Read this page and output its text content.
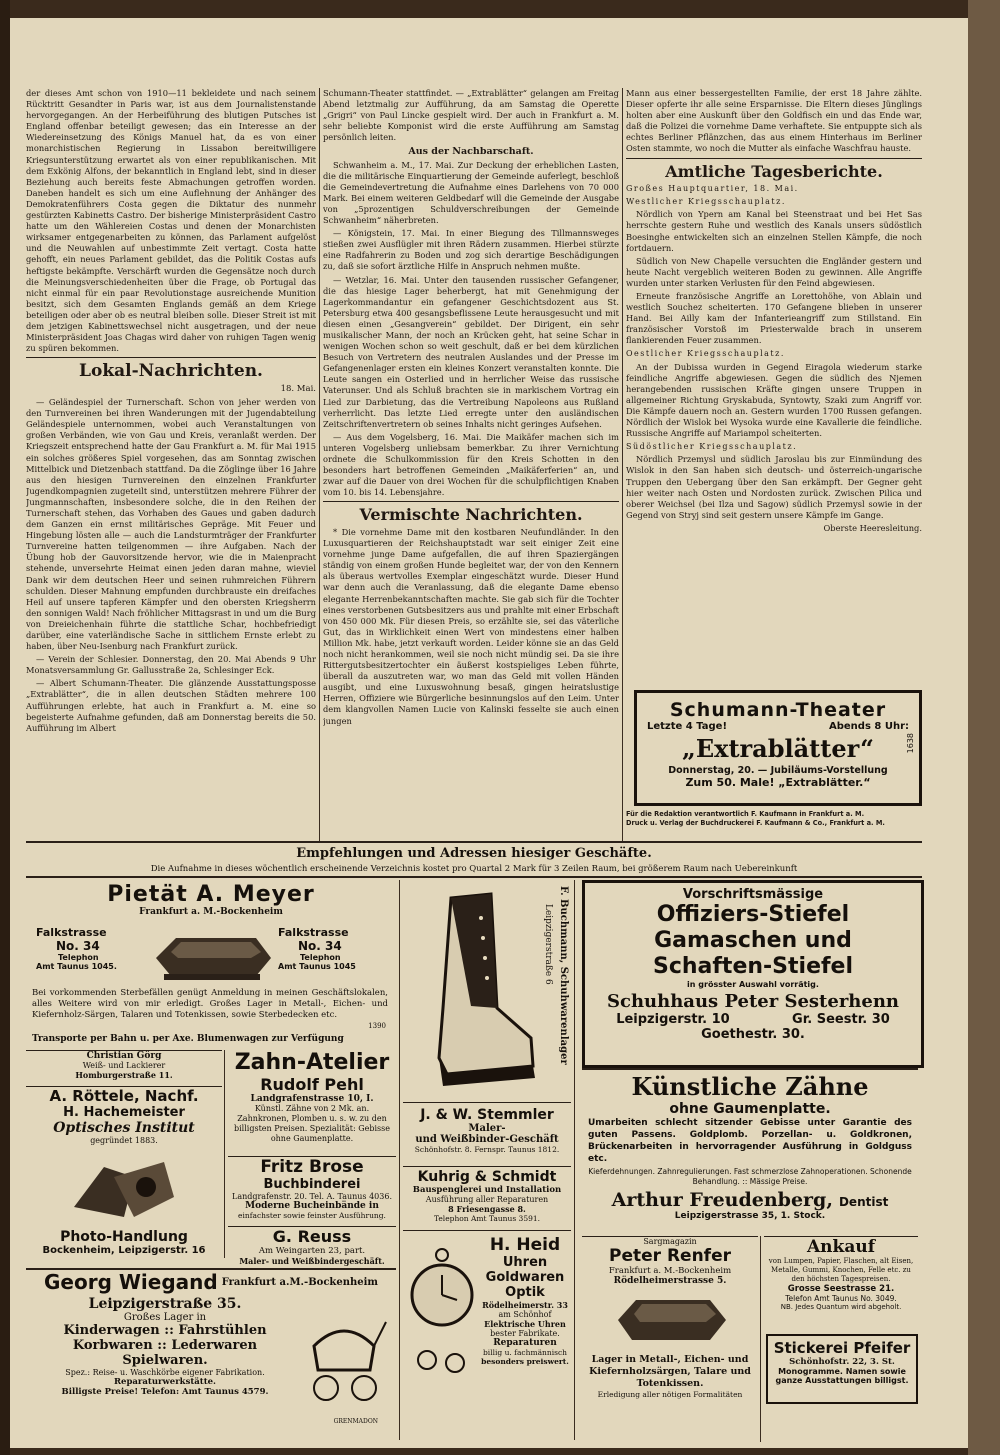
der dieses Amt schon von 1910—11 bekleidete und nach seinem Rücktritt Gesandter in Paris war, ist aus dem Journalistenstande hervorgegangen. An der Herbeiführung des blutigen Putsches ist England offenbar beteiligt gewesen; das ein Interesse an der Wiedereinsetzung des Königs Manuel hat, da es von einer monarchistischen Regierung in Lissabon bereitwilligere Kriegsunterstützung erwartet als von einer republikanischen. Mit dem Exkönig Alfons, der bekanntlich in England lebt, sind in dieser Beziehung auch bereits feste Abmachungen getroffen worden. Daneben handelt es sich um eine Auflehnung der Anhänger des Demokratenführers Costa gegen die Diktatur des nunmehr gestürzten Kabinetts Castro. Der bisherige Ministerpräsident Castro hatte um den Wählereien Costas und denen der Monarchisten wirksamer entgegenarbeiten zu können, das Parlament aufgelöst und die Neuwahlen auf unbestimmte Zeit vertagt. Costa hatte gehofft, ein neues Parlament gebildet, das die Politik Costas aufs heftigste bekämpfte. Verschärft wurden die Gegensätze noch durch die Meinungsverschiedenheiten über die Frage, ob Portugal das nicht einmal für ein paar Revolutionstage ausreichende Munition besitzt, sich dem Gesamten Englands gemäß an dem Kriege beteiligen oder aber ob es neutral bleiben solle. Dieser Streit ist mit dem jetzigen Kabinettswechsel nicht ausgetragen, und der neue Ministerpräsident Joas Chagas wird daher von ruhigen Tagen wenig zu spüren bekommen.

Lokal-Nachrichten.
18. Mai.

— Geländespiel der Turnerschaft. Schon von jeher werden von den Turnvereinen bei ihren Wanderungen mit der Jugendabteilung Geländespiele unternommen, wobei auch Veranstaltungen von großen Verbänden, wie von Gau und Kreis, veranlaßt werden. Der Kriegszeit entsprechend hatte der Gau Frankfurt a. M. für Mai 1915 ein solches größeres Spiel vorgesehen, das am Sonntag zwischen Mittelbick und Dietzenbach stattfand. Da die Zöglinge über 16 Jahre aus den hiesigen Turnvereinen den einzelnen Frankfurter Jugendkompagnien zugeteilt sind, unterstützen mehrere Führer der Jungmannschaften, insbesondere solche, die in den Reihen der Turnerschaft stehen, das Vorhaben des Gaues und gaben dadurch dem Ganzen ein ernst militärisches Gepräge. Mit Feuer und Hingebung lösten alle — auch die Landsturmträger der Frankfurter Turnvereine hatten teilgenommen — ihre Aufgaben. Nach der Übung hob der Gauvorsitzende hervor, wie die in Maienpracht stehende, unversehrte Heimat einen jeden daran mahne, wieviel Dank wir dem deutschen Heer und seinen ruhmreichen Führern schulden. Dieser Mahnung empfunden durchbrauste ein dreifaches Heil auf unsere tapferen Kämpfer und den obersten Kriegsherrn den sonnigen Wald! Nach fröhlicher Mittagsrast in und um die Burg von Dreieichenhain führte die stattliche Schar, hochbefriedigt darüber, eine vaterländische Sache in sittlichem Ernste erlebt zu haben, über Neu-Isenburg nach Frankfurt zurück.

— Verein der Schlesier. Donnerstag, den 20. Mai Abends 9 Uhr Monatsversammlung Gr. Gallusstraße 2a, Schlesinger Eck.

— Albert Schumann-Theater. Die glänzende Ausstattungsposse „Extrablätter“, die in allen deutschen Städten mehrere 100 Aufführungen erlebte, hat auch in Frankfurt a. M. eine so begeisterte Aufnahme gefunden, daß am Donnerstag bereits die 50. Aufführung im Albert

Schumann-Theater stattfindet. — „Extrablätter“ gelangen am Freitag Abend letztmalig zur Aufführung, da am Samstag die Operette „Grigri“ von Paul Lincke gespielt wird. Der auch in Frankfurt a. M. sehr beliebte Komponist wird die erste Aufführung am Samstag persönlich leiten.

Aus der Nachbarschaft.

Schwanheim a. M., 17. Mai. Zur Deckung der erheblichen Lasten, die die militärische Einquartierung der Gemeinde auferlegt, beschloß die Gemeindevertretung die Aufnahme eines Darlehens von 70 000 Mark. Bei einem weiteren Geldbedarf will die Gemeinde der Ausgabe von „5prozentigen Schuldverschreibungen der Gemeinde Schwanheim“ näherbreten.

— Königstein, 17. Mai. In einer Biegung des Tillmannsweges stießen zwei Ausflügler mit ihren Rädern zusammen. Hierbei stürzte eine Radfahrerin zu Boden und zog sich derartige Beschädigungen zu, daß sie sofort ärztliche Hilfe in Anspruch nehmen mußte.

— Wetzlar, 16. Mai. Unter den tausenden russischer Gefangener, die das hiesige Lager beherbergt, hat mit Genehmigung der Lagerkommandantur ein gefangener Geschichtsdozent aus St. Petersburg etwa 400 gesangsbeflissene Leute herausgesucht und mit diesen einen „Gesangverein“ gebildet. Der Dirigent, ein sehr musikalischer Mann, der noch an Krücken geht, hat seine Schar in wenigen Wochen schon so weit geschult, daß er bei dem kürzlichen Besuch von Vertretern des neutralen Auslandes und der Presse im Gefangenenlager ersten ein kleines Konzert veranstalten konnte. Die Leute sangen ein Osterlied und in herrlicher Weise das russische Vaterunser. Und als Schluß brachten sie in markischem Vortrag ein Lied zur Darbietung, das die Vertreibung Napoleons aus Rußland verherrlicht. Das letzte Lied erregte unter den ausländischen Zeitschriftenvertretern ob seines Inhalts nicht geringes Aufsehen.

— Aus dem Vogelsberg, 16. Mai. Die Maikäfer machen sich im unteren Vogelsberg unliebsam bemerkbar. Zu ihrer Vernichtung ordnete die Schulkommission für den Kreis Schotten in den besonders hart betroffenen Gemeinden „Maikäferferien“ an, und zwar auf die Dauer von drei Wochen für die schulpflichtigen Knaben vom 10. bis 14. Lebensjahre.

Vermischte Nachrichten.

* Die vornehme Dame mit den kostbaren Neufundländer. In den Luxusquartieren der Reichshauptstadt war seit einiger Zeit eine vornehme junge Dame aufgefallen, die auf ihren Spaziergängen ständig von einem großen Hunde begleitet war, der von den Kennern als überaus wertvolles Exemplar eingeschätzt wurde. Dieser Hund war denn auch die Veranlassung, daß die elegante Dame ebenso elegante Herrenbekanntschaften machte. Sie gab sich für die Tochter eines verstorbenen Gutsbesitzers aus und prahlte mit einer Erbschaft von 450 000 Mk. Für diesen Preis, so erzählte sie, sei das väterliche Gut, das in Wirklichkeit einen Wert von mindestens einer halben Million Mk. habe, jetzt verkauft worden. Leider könne sie an das Geld noch nicht herankommen, weil sie noch nicht mündig sei. Da sie ihre Rittergutsbesitzertochter ein äußerst kostspieliges Leben führte, überall da auszutreten war, wo man das Geld mit vollen Händen ausgibt, und eine Luxuswohnung besaß, gingen heiratslustige Herren, Offiziere wie Bürgerliche besinnungslos auf den Leim. Unter dem klangvollen Namen Lucie von Kalinski fesselte sie auch einen jungen

Mann aus einer bessergestellten Familie, der erst 18 Jahre zählte. Dieser opferte ihr alle seine Ersparnisse. Die Eltern dieses Jünglings holten aber eine Auskunft über den Goldfisch ein und das Ende war, daß die Polizei die vornehme Dame verhaftete. Sie entpuppte sich als echtes Berliner Pflänzchen, das aus einem Hinterhaus im Berliner Osten stammte, wo noch die Mutter als einfache Waschfrau hauste.

Amtliche Tagesberichte.
Großes Hauptquartier, 18. Mai.
Westlicher Kriegsschauplatz.

Nördlich von Ypern am Kanal bei Steenstraat und bei Het Sas herrschte gestern Ruhe und westlich des Kanals unsers südöstlich Boesinghe entwickelten sich an einzelnen Stellen Kämpfe, die noch fortdauern.

Südlich von New Chapelle versuchten die Engländer gestern und heute Nacht vergeblich weiteren Boden zu gewinnen. Alle Angriffe wurden unter starken Verlusten für den Feind abgewiesen.

Erneute französische Angriffe an Lorettohöhe, von Ablain und westlich Souchez scheiterten. 170 Gefangene blieben in unserer Hand. Bei Ailly kam der Infanterieangriff zum Stillstand. Ein französischer Vorstoß im Priesterwalde brach in unserem flankierenden Feuer zusammen.

Oestlicher Kriegsschauplatz.

An der Dubissa wurden in Gegend Eiragola wiederum starke feindliche Angriffe abgewiesen. Gegen die südlich des Njemen herangebenden russischen Kräfte gingen unsere Truppen in allgemeiner Richtung Gryskabuda, Syntowty, Szaki zum Angriff vor. Die Kämpfe dauern noch an. Gestern wurden 1700 Russen gefangen. Nördlich der Wislok bei Wysoka wurde eine Kavallerie die feindliche. Russische Angriffe auf Mariampol scheiterten.

Südöstlicher Kriegsschauplatz.

Nördlich Przemysl und südlich Jaroslau bis zur Einmündung des Wislok in den San haben sich deutsch- und österreich-ungarische Truppen den Uebergang über den San erkämpft. Der Gegner geht hier weiter nach Osten und Nordosten zurück. Zwischen Pilica und oberer Weichsel (bei Ilza und Sagow) südlich Przemysl sowie in der Gegend von Stryj sind seit gestern unsere Kämpfe im Gange.

Oberste Heeresleitung.
Schumann-Theater
Letzte 4 Tage!	Abends 8 Uhr:
„Extrablätter“
Donnerstag, 20. — Jubiläums-Vorstellung
Zum 50. Male! „Extrablätter.“
1638
Für die Redaktion verantwortlich F. Kaufmann in Frankfurt a. M.
Druck u. Verlag der Buchdruckerei F. Kaufmann & Co., Frankfurt a. M.
Empfehlungen und Adressen hiesiger Geschäfte.
Die Aufnahme in dieses wöchentlich erscheinende Verzeichnis kostet pro Quartal 2 Mark für 3 Zeilen Raum, bei größerem Raum nach Uebereinkunft
Pietät A. Meyer
Frankfurt a. M.-Bockenheim
Falkstrasse
No. 34
Telephon
Amt Taunus 1045.
Falkstrasse
No. 34
Telephon
Amt Taunus 1045
Bei vorkommenden Sterbefällen genügt Anmeldung in meinen Geschäftslokalen, alles Weitere wird von mir erledigt. Großes Lager in Metall-, Eichen- und Kiefernholz-Särgen, Talaren und Totenkissen, sowie Sterbedecken etc.
1390
Transporte per Bahn u. per Axe. Blumenwagen zur Verfügung	F. Buchmann, Schuhwarenlager
Leipzigerstraße 6
Vorschriftsmässige
Offiziers-Stiefel
Gamaschen und
Schaften-Stiefel
in grösster Auswahl vorrätig.
Schuhhaus Peter Sesterhenn
Leipzigerstr. 10	Gr. Seestr. 30
Goethestr. 30.
Christian Görg
Weiß- und Lackierer
Homburgerstraße 11.
A. Röttele, Nachf.
H. Hachemeister
Optisches Institut
gegründet 1883.
Photo-Handlung
Bockenheim, Leipzigerstr. 16
Zahn-Atelier
Rudolf Pehl
Landgrafenstrasse 10, I.
Künstl. Zähne von 2 Mk. an. Zahnkronen, Plomben u. s. w. zu den billigsten Preisen. Spezialität: Gebisse ohne Gaumenplatte.
Fritz Brose
Buchbinderei
Landgrafenstr. 20. Tel. A. Taunus 4036.
Moderne Bucheinbände in
einfachster sowie feinster Ausführung.
G. Reuss
Am Weingarten 23, part.
Maler- und Weißbindergeschäft.
Georg Wiegand Frankfurt a.M.-Bockenheim
Leipzigerstraße 35.
Großes Lager in
Kinderwagen :: Fahrstühlen
Korbwaren :: Lederwaren
Spielwaren.
Spez.: Reise- u. Waschkörbe eigener Fabrikation.
Reparaturwerkstätte.
Billigste Preise! Telefon: Amt Taunus 4579.
GRENMADON
J. & W. Stemmler
Maler-
und Weißbinder-Geschäft
Schönhofstr. 8. Fernspr. Taunus 1812.
Kuhrig & Schmidt
Bauspenglerei und Installation
Ausführung aller Reparaturen
8 Friesengasse 8.
Telephon Amt Taunus 3591.
H. Heid
Uhren
Goldwaren
Optik
Rödelheimerstr. 33
am Schönhof
Elektrische Uhren
bester Fabrikate.
Reparaturen
billig u. fachmännisch
besonders preiswert.
Künstliche Zähne
ohne Gaumenplatte.
Umarbeiten schlecht sitzender Gebisse unter Garantie des guten Passens. Goldplomb. Porzellan- u. Goldkronen, Brückenarbeiten in hervorragender Ausführung in Goldguss etc.
Kieferdehnungen. Zahnregulierungen. Fast schmerzlose Zahnoperationen. Schonende Behandlung. :: Mässige Preise.
Arthur Freudenberg, Dentist
Leipzigerstrasse 35, 1. Stock.
Sargmagazin
Peter Renfer
Frankfurt a. M.-Bockenheim
Rödelheimerstrasse 5.
Lager in Metall-, Eichen- und Kiefernholzsärgen, Talare und Totenkissen.
Erledigung aller nötigen Formalitäten
Ankauf
von Lumpen, Papier, Flaschen, alt Eisen, Metalle, Gummi, Knochen, Felle etc. zu den höchsten Tagespreisen.
Grosse Seestrasse 21.
Telefon Amt Taunus No. 3049.
NB. Jedes Quantum wird abgeholt.
Stickerei Pfeifer
Schönhofstr. 22, 3. St.
Monogramme. Namen sowie
ganze Ausstattungen billigst.
